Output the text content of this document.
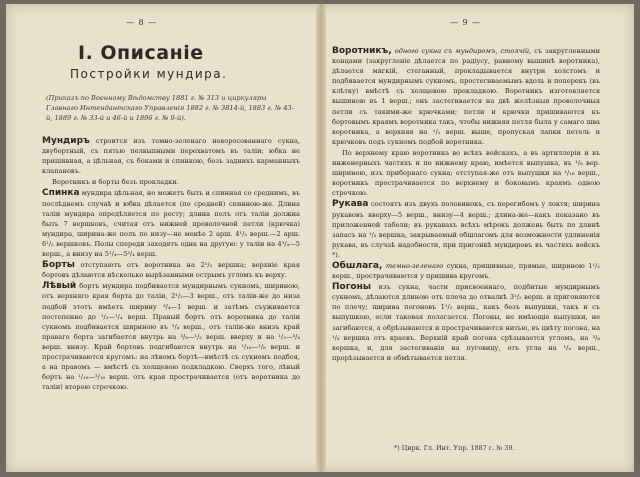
— 8 —
I. Описаніе
Постройки мундира.
(Приказъ по Военному Вѣдомству 1881 г. № 313 и циркуляры Главнаго Интендантскаго Управленія 1882 г. № 3814-й, 1883 г. № 43-й, 1889 г. № 33-й и 46-й и 1896 г. № 9-й).

Мундиръ строится изъ темно-зеленаго невороcованнаго сукна, двубортный, съ пятью пелвыпными перехватомъ въ таліи; юбка не пришивная, а цѣльная, съ боками и спинкою, безъ заднихъ карманныхъ клапановъ.

Воротникъ и борты безъ прокладки.

Спинка мундира цѣльная, но можетъ быть и спинная со среднимъ, въ послѣднемъ случаѣ и юбка дѣлается (по средней) спинною-же. Длина таліи мундира опредѣляется по росту; длина полъ отъ таліи должна быть 7 вершковъ, считая отъ нижней проволочной петли (крючка) мундира, ширина-же полъ по низу—не менѣе 2 арш. 4¹/₂ верш.—2 арш. 6¹/₂ вершковъ. Полы спереди заходятъ одна на другую: у таліи на 4³/₄—5 верш., а внизу на 5¹/₄—5³/₄ верш.

Борты отступаютъ отъ воротника на 2¹/₂ вершка; верхніе края бортовъ дѣлаются нѣсколько вырѣзанными острымъ угломъ къ верху.

Лѣвый бортъ мундира подбивается мундирнымъ сукномъ, шириною, отъ верхняго края борта до таліи, 2¹/₂—3 верш., отъ таліи-же до низа подбой этотъ имѣетъ ширину ³/₄—1 верш. и затѣмъ съуживается постепенно до ¹/₂—¹/₄ верш. Правый бортъ отъ воротника до таліи сукномъ подбивается шириною въ ³/₄ верш., отъ таліи-же внизъ край праваго борта загибается внутрь на ³/₈—¹/₂ верш. вверху и на ¹/₂—³/₄ верш. внизу. Край бортовъ подгибаются внутрь на ¹/₁₆—¹/₈ верш. и прострачиваются кругомъ: на лѣвомъ бортѣ—вмѣстѣ съ сукномъ подбоя, а на правомъ — вмѣстѣ съ холщевою подкладкою. Сверхъ того, лѣвый бортъ на ¹/₁₆—³/₁₆ верш. отъ края прострачивается (отъ воротника до таліи) второю строчкою.

— 9 —

Воротникъ, одного сукна съ мундиромъ, стоячій, съ закругленными концами (закругленіе дѣлается по радіусу, равному вышинѣ воротника), дѣлается мягкій, стеганный, прокладывается внутри холстомъ и подбивается мундирнымъ сукномъ, простегиваемымъ вдоль и поперекъ (въ клѣтку) вмѣстѣ съ холщевою прокладкою. Воротникъ изготовляется вышиною въ 1 верш.; онъ застегивается на двѣ желѣзныя проволочныя петли съ такими-же крючками; петли и крючки пришиваются къ бортовымъ краямъ воротника такъ, чтобы нижняя петля была у самаго шва воротника, а верхняя на ¹/₂ верш. выше, пропуская лапки петель и крючковъ подъ сукномъ подбой воротника.

По верхнему краю воротника во всѣхъ войскахъ, а въ артиллеріи и въ инженерныхъ частяхъ и по нижнему краю, имѣется выпушка, въ ¹/₈ вер. шириною, изъ приборнаго сукна; отступая-же отъ выпушки на ¹/₁₆ верш., воротникъ прострачивается по верхнему и боковымъ краямъ одною строчкою.

Рукава состоятъ изъ двухъ половинокъ, съ перегибомъ у локтя; ширина рукавовъ вверху—5 верш., внизу—4 верш.; длина-же—какъ показано въ приложенной табели; въ рукавахъ всѣхъ мѣрокъ должень быть по длинѣ запасъ на ¹/₂ вершка, закрываемый обшлагомъ для возможности удлиненія рукава, въ случаѣ надобности, при пригонкѣ мундировъ въ частяхъ войскъ *).

Обшлага, темно-зеленаго сукна, пришивные, прямые, шириною 1¹/₂ верш., прострачиваются у пришива кругомъ.

Погоны изъ сукна, части присвоеннаго, подбитые мундирнымъ сукномъ, дѣлаются длиною отъ плеча до отвалкѣ 3¹/₂ верш. и пригоняются по плечу; ширина погоновъ 1¹/₂ верш., какъ безъ выпушки, такъ и съ выпушкою, если таковая полагается. Погоны, не имѣющіе выпушки, не загибаются, а обрѣзываются и прострачиваются нитью, въ цвѣту погона, на ¹/₈ вершка отъ краевъ. Верхній край погона срѣзывается угломъ, на ³/₈ вершка, и, для застегиванія на пуговицу, отъ угла на ¹/₄ верш., прорѣзывается и обмѣтывается петля.

*) Цирк. Гл. Инт. Упр. 1887 г. № 39.
